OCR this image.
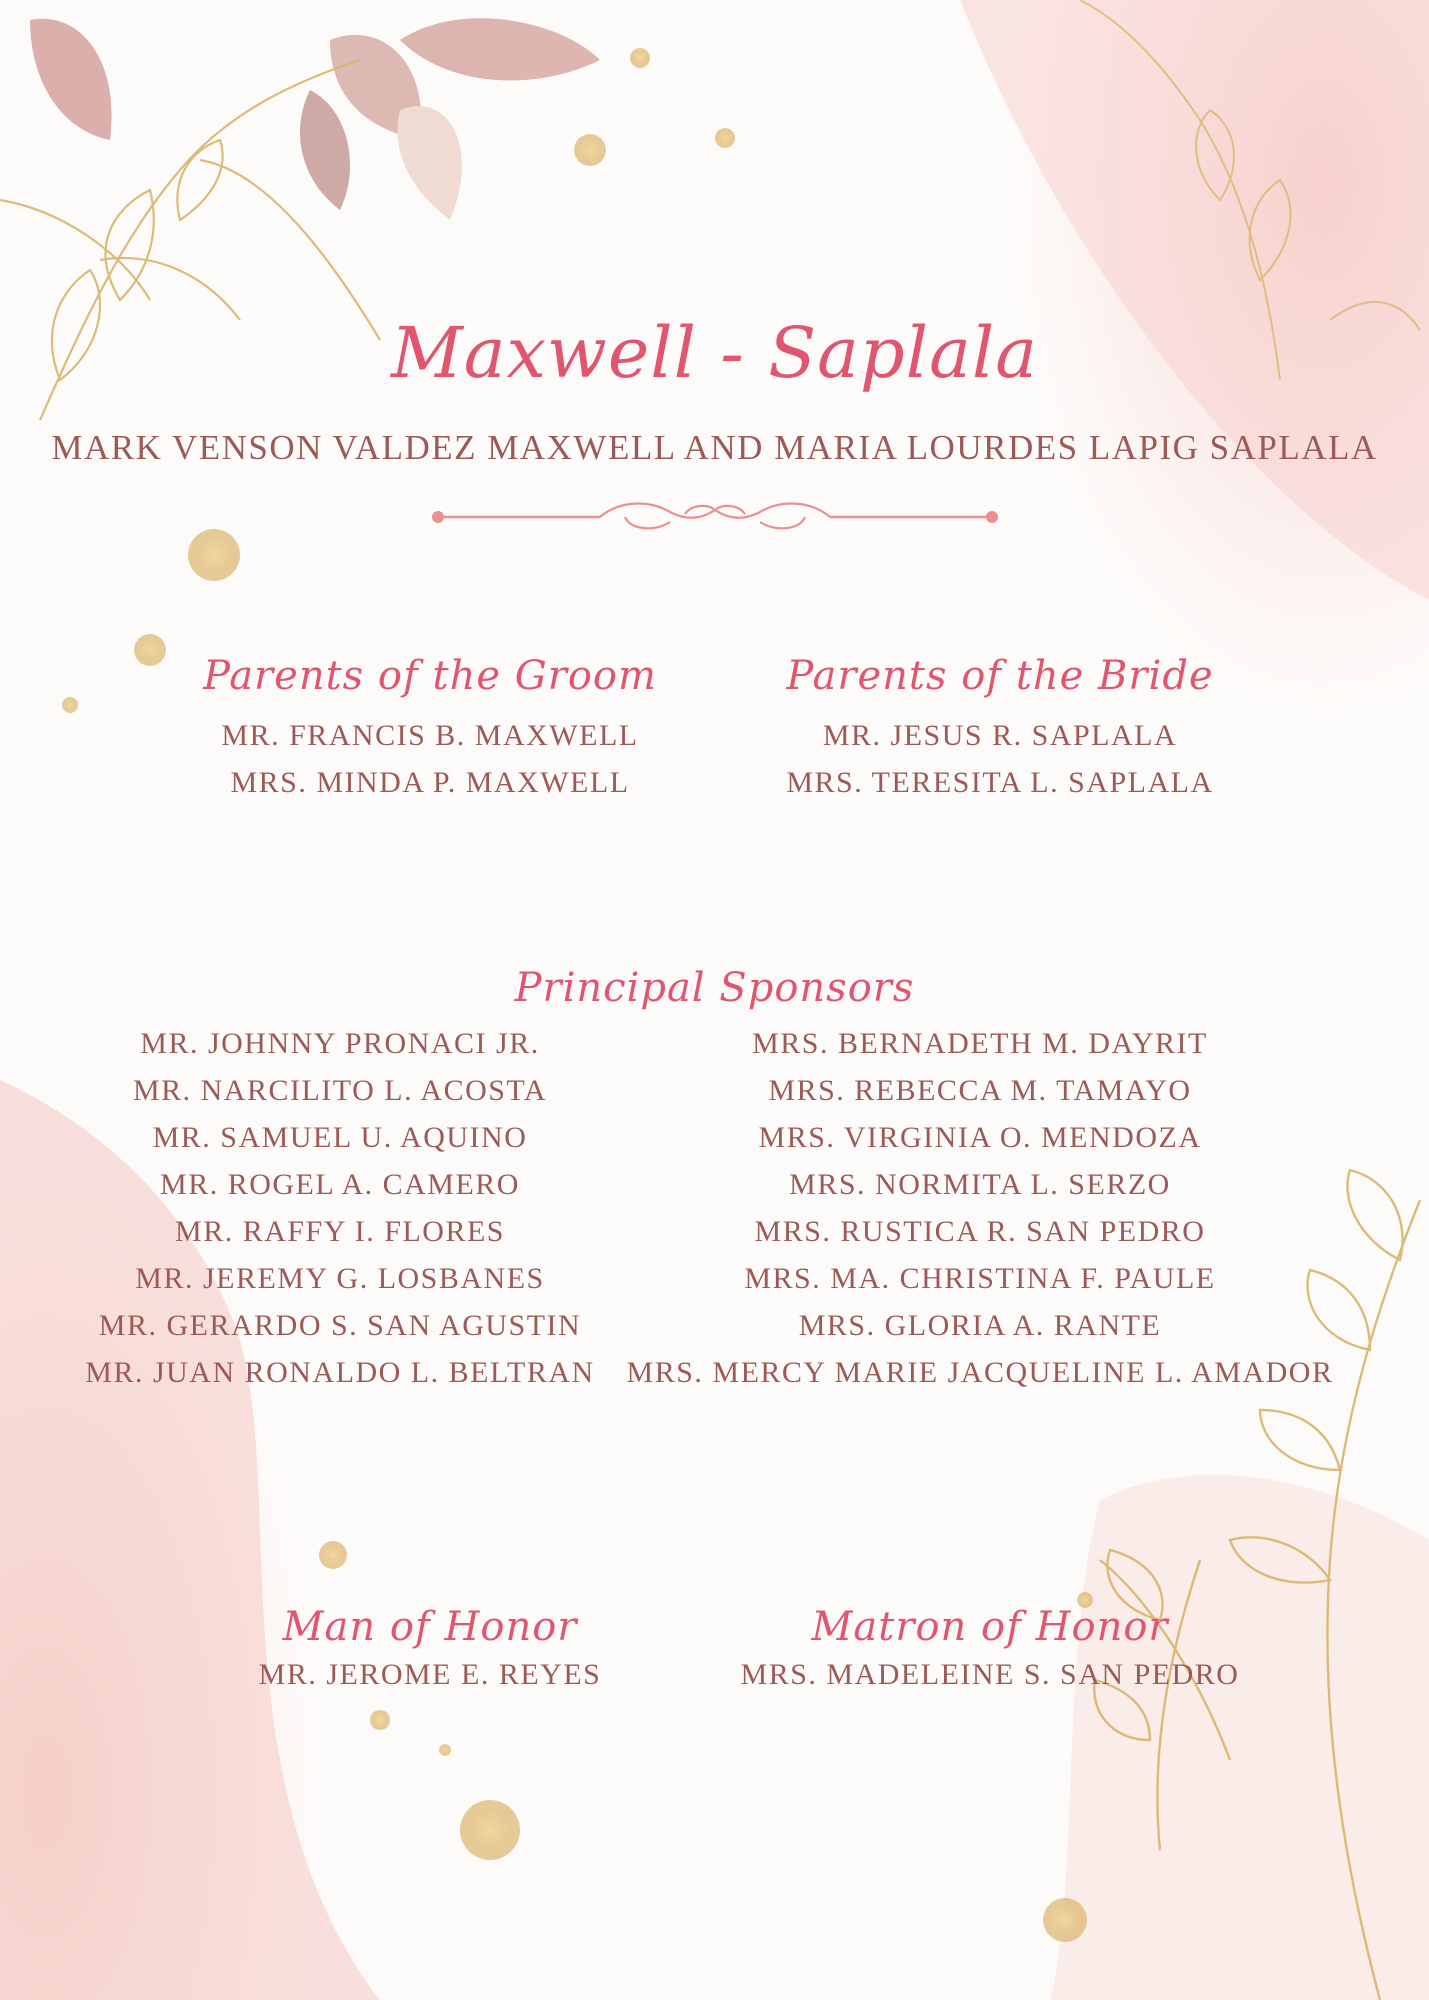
Maxwell - Saplala
MARK VENSON VALDEZ MAXWELL AND MARIA LOURDES LAPIG SAPLALA
Parents of the Groom	Parents of the Bride
MR. FRANCIS B. MAXWELL
MRS. MINDA P. MAXWELL
MR. JESUS R. SAPLALA
MRS. TERESITA L. SAPLALA
Principal Sponsors
MR. JOHNNY PRONACI JR.
MR. NARCILITO L. ACOSTA
MR. SAMUEL U. AQUINO
MR. ROGEL A. CAMERO
MR. RAFFY I. FLORES
MR. JEREMY G. LOSBANES
MR. GERARDO S. SAN AGUSTIN
MR. JUAN RONALDO L. BELTRAN
MRS. BERNADETH M. DAYRIT
MRS. REBECCA M. TAMAYO
MRS. VIRGINIA O. MENDOZA
MRS. NORMITA L. SERZO
MRS. RUSTICA R. SAN PEDRO
MRS. MA. CHRISTINA F. PAULE
MRS. GLORIA A. RANTE
MRS. MERCY MARIE JACQUELINE L. AMADOR
Man of Honor	Matron of Honor
MR. JEROME E. REYES	MRS. MADELEINE S. SAN PEDRO
